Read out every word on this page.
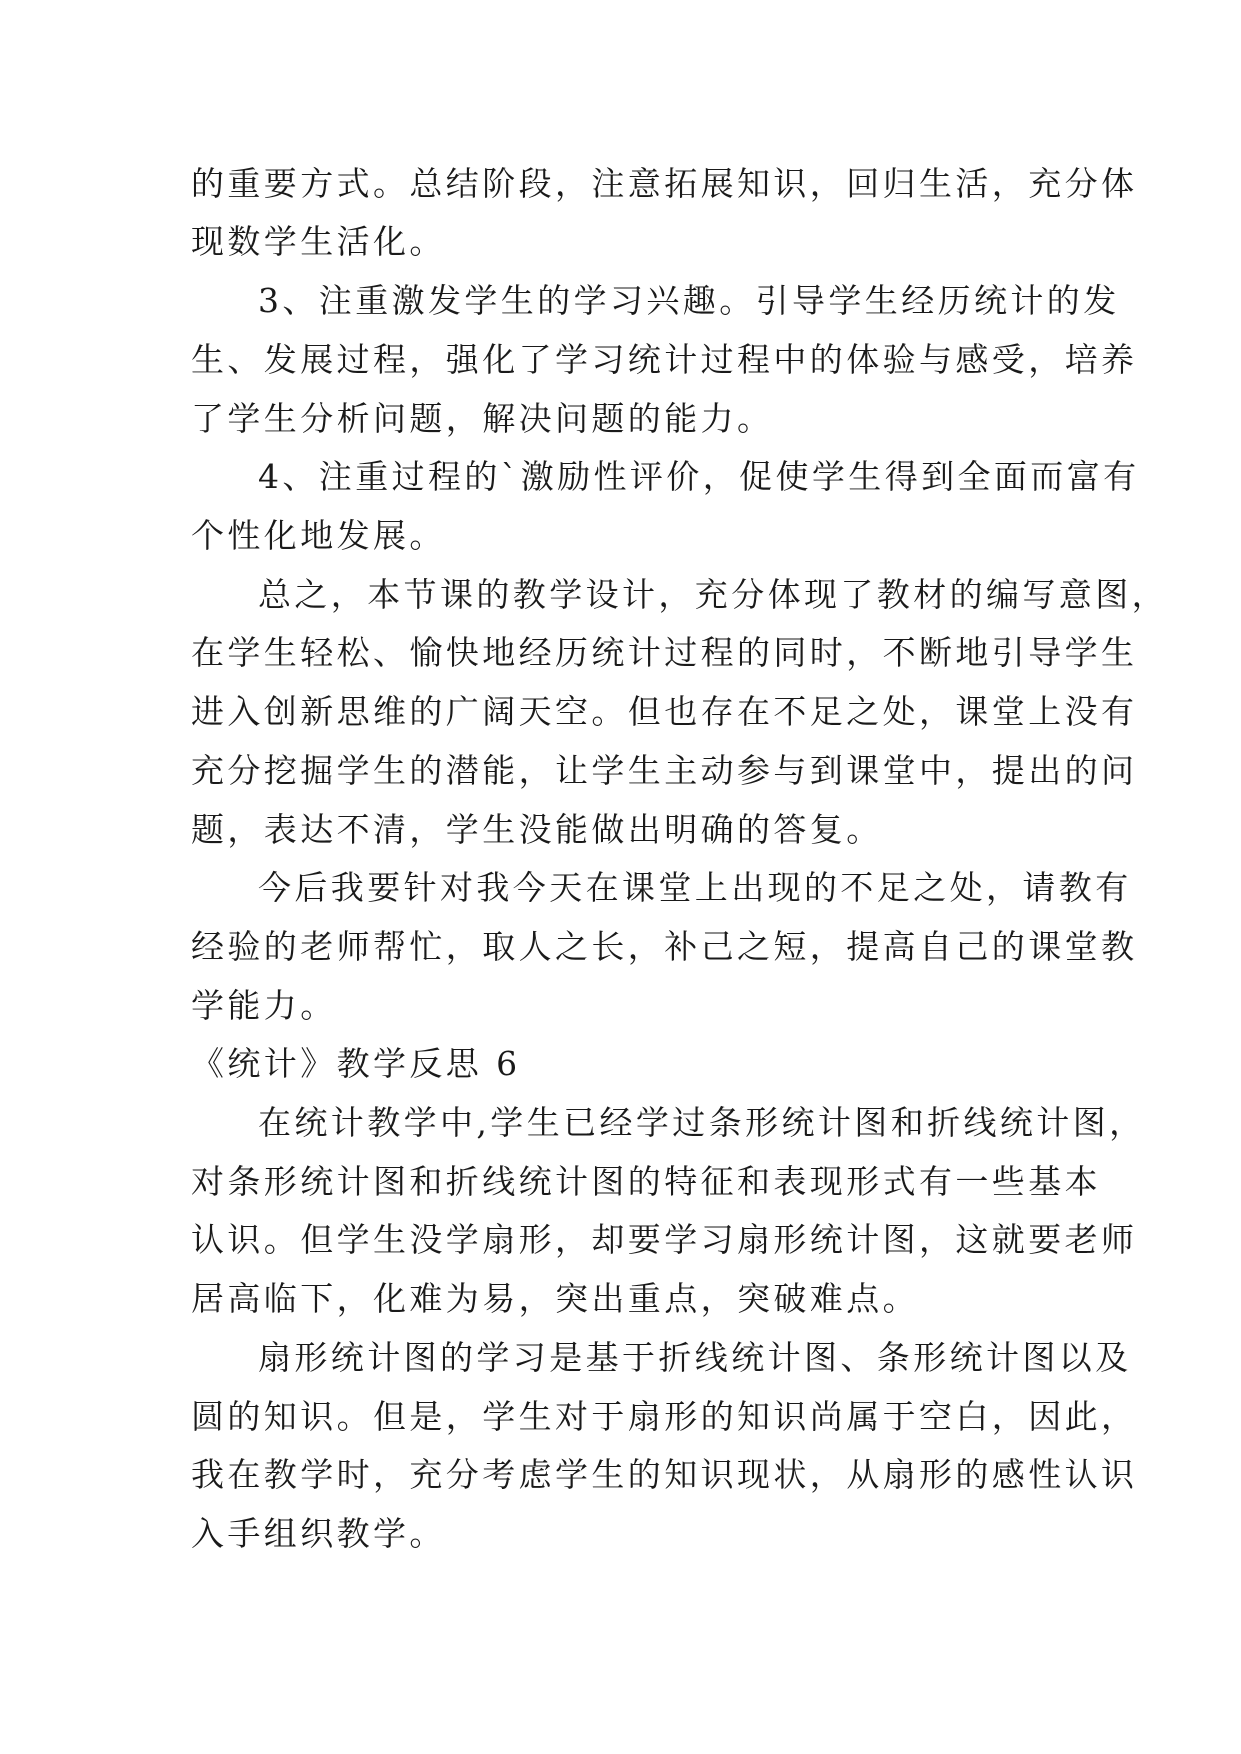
的重要方式。总结阶段，注意拓展知识，回归生活，充分体
现数学生活化。
3、注重激发学生的学习兴趣。引导学生经历统计的发
生、发展过程，强化了学习统计过程中的体验与感受，培养
了学生分析问题，解决问题的能力。
4、注重过程的`激励性评价，促使学生得到全面而富有
个性化地发展。
总之，本节课的教学设计，充分体现了教材的编写意图，
在学生轻松、愉快地经历统计过程的同时，不断地引导学生
进入创新思维的广阔天空。但也存在不足之处，课堂上没有
充分挖掘学生的潜能，让学生主动参与到课堂中，提出的问
题，表达不清，学生没能做出明确的答复。
今后我要针对我今天在课堂上出现的不足之处，请教有
经验的老师帮忙，取人之长，补己之短，提高自己的课堂教
学能力。
《统计》教学反思 6
在统计教学中,学生已经学过条形统计图和折线统计图，
对条形统计图和折线统计图的特征和表现形式有一些基本
认识。但学生没学扇形，却要学习扇形统计图，这就要老师
居高临下，化难为易，突出重点，突破难点。
扇形统计图的学习是基于折线统计图、条形统计图以及
圆的知识。但是，学生对于扇形的知识尚属于空白，因此，
我在教学时，充分考虑学生的知识现状，从扇形的感性认识
入手组织教学。
